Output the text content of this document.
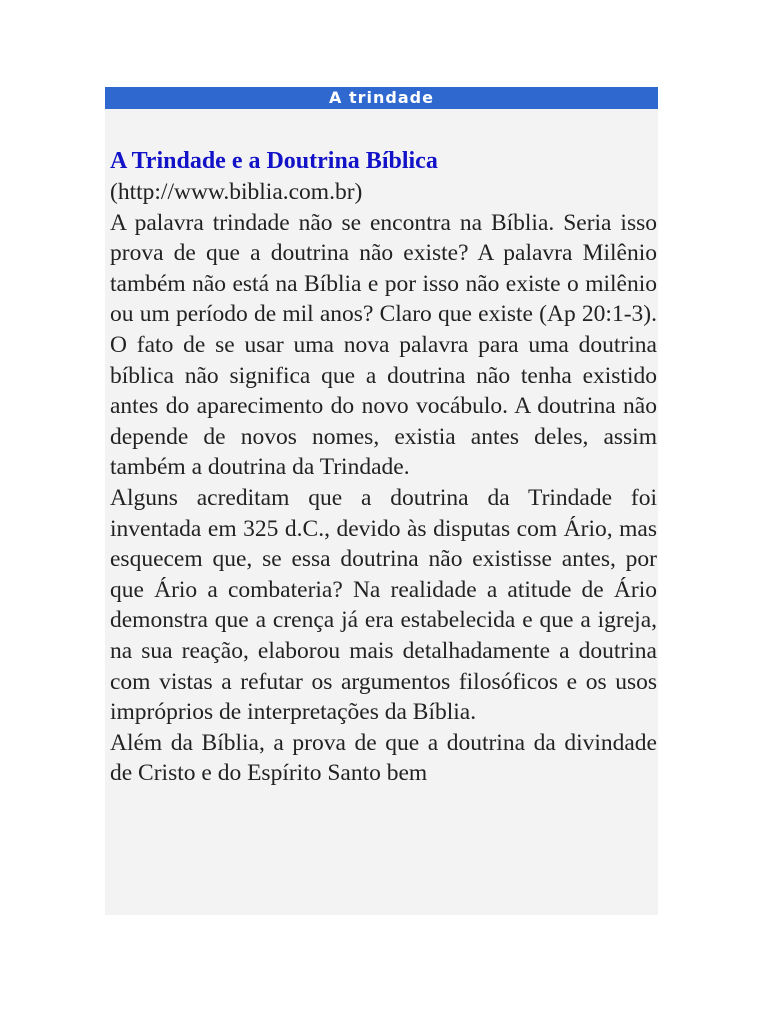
A trindade
A Trindade e a Doutrina Bíblica
(http://www.biblia.com.br)

A palavra trindade não se encontra na Bíblia. Seria isso prova de que a doutrina não existe? A palavra Milênio também não está na Bíblia e por isso não existe o milênio ou um período de mil anos? Claro que existe (Ap 20:1-3). O fato de se usar uma nova palavra para uma doutrina bíblica não significa que a doutrina não tenha existido antes do aparecimento do novo vocábulo. A doutrina não depende de novos nomes, existia antes deles, assim também a doutrina da Trindade.

Alguns acreditam que a doutrina da Trindade foi inventada em 325 d.C., devido às disputas com Ário, mas esquecem que, se essa doutrina não existisse antes, por que Ário a combateria? Na realidade a atitude de Ário demonstra que a crença já era estabelecida e que a igreja, na sua reação, elaborou mais detalhadamente a doutrina com vistas a refutar os argumentos filosóficos e os usos impróprios de interpretações da Bíblia.

Além da Bíblia, a prova de que a doutrina da divindade de Cristo e do Espírito Santo bem
